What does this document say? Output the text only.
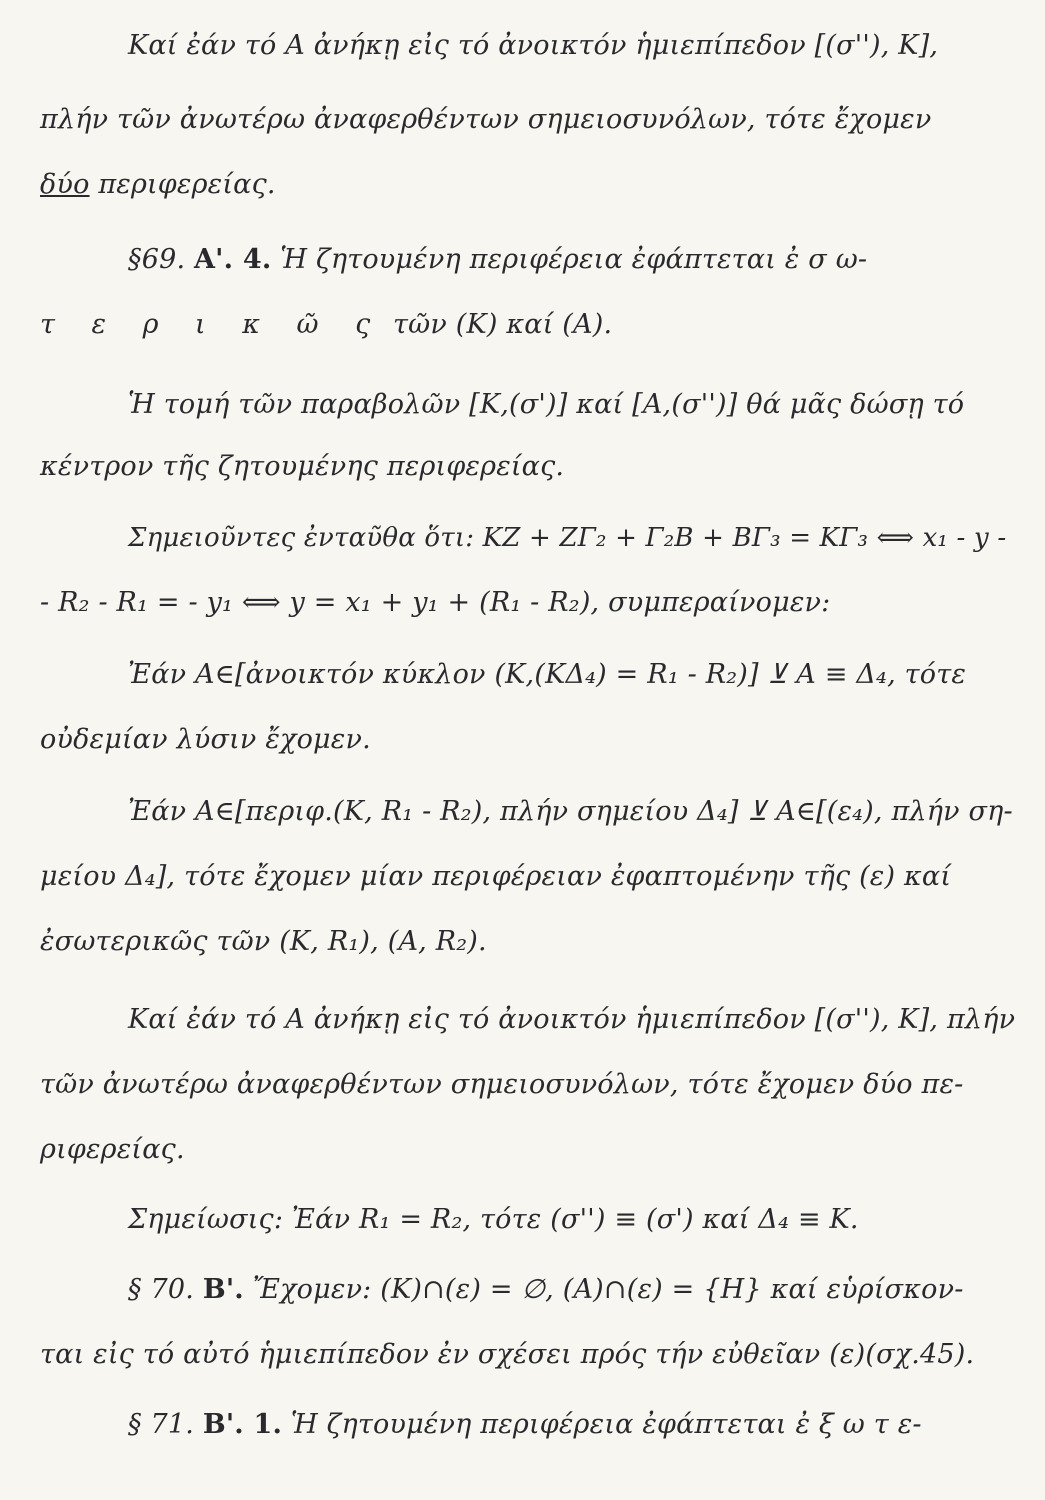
Καί ἐάν τό Α ἀνήκῃ εἰς τό ἀνοικτόν ἡμιεπίπεδον [(σ''), Κ],
πλήν τῶν ἀνωτέρω ἀναφερθέντων σημειοσυνόλων, τότε ἔχομεν
δύο περιφερείας.
§69. Α'. 4. Ἡ ζητουμένη περιφέρεια ἐφάπτεται ἐ σ ω-
τ ε ρ ι κ ῶ ς τῶν (Κ) καί (Α).
Ἡ τομή τῶν παραβολῶν [Κ,(σ')] καί [Α,(σ'')] θά μᾶς δώσῃ τό
κέντρον τῆς ζητουμένης περιφερείας.
Σημειοῦντες ἐνταῦθα ὅτι: ΚΖ + ΖΓ₂ + Γ₂Β + ΒΓ₃ = ΚΓ₃ ⟺ x₁ - y -
- R₂ - R₁ = - y₁ ⟺ y = x₁ + y₁ + (R₁ - R₂), συμπεραίνομεν:
Ἐάν Α∈[ἀνοικτόν κύκλον (Κ,(ΚΔ₄) = R₁ - R₂)] ⊻ Α ≡ Δ₄, τότε
οὐδεμίαν λύσιν ἔχομεν.
Ἐάν Α∈[περιφ.(Κ, R₁ - R₂), πλήν σημείου Δ₄] ⊻ Α∈[(ε₄), πλήν ση-
μείου Δ₄], τότε ἔχομεν μίαν περιφέρειαν ἐφαπτομένην τῆς (ε) καί
ἐσωτερικῶς τῶν (Κ, R₁), (Α, R₂).
Καί ἐάν τό Α ἀνήκῃ εἰς τό ἀνοικτόν ἡμιεπίπεδον [(σ''), Κ], πλήν
τῶν ἀνωτέρω ἀναφερθέντων σημειοσυνόλων, τότε ἔχομεν δύο πε-
ριφερείας.
Σημείωσις: Ἐάν R₁ = R₂, τότε (σ'') ≡ (σ') καί Δ₄ ≡ Κ.
§ 70. Β'. Ἔχομεν: (Κ)∩(ε) = ∅, (Α)∩(ε) = {Η} καί εὑρίσκον-
ται εἰς τό αὐτό ἡμιεπίπεδον ἐν σχέσει πρός τήν εὐθεῖαν (ε)(σχ.45).
§ 71. Β'. 1. Ἡ ζητουμένη περιφέρεια ἐφάπτεται ἐ ξ ω τ ε-
